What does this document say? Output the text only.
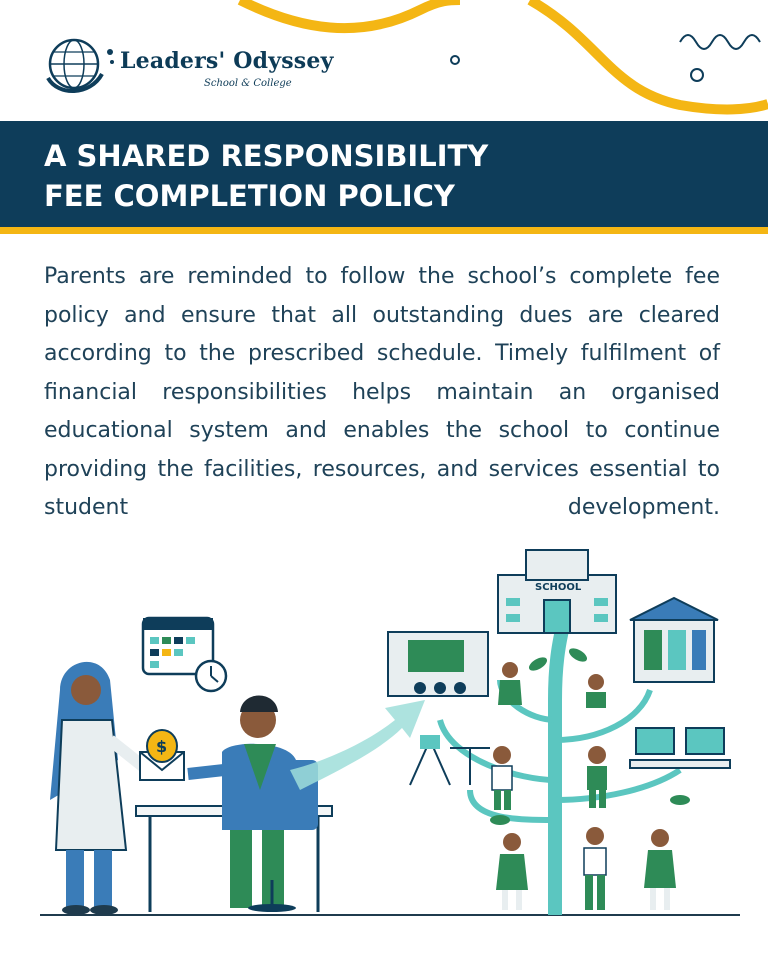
Leaders' Odyssey
School & College
A SHARED RESPONSIBILITY
FEE COMPLETION POLICY
Parents are reminded to follow the school’s complete fee policy and ensure that all outstanding dues are cleared according to the prescribed schedule. Timely fulfilment of financial responsibilities helps maintain an organised educational system and enables the school to continue providing the facilities, resources, and services essential to student development.
$
SCHOOL
